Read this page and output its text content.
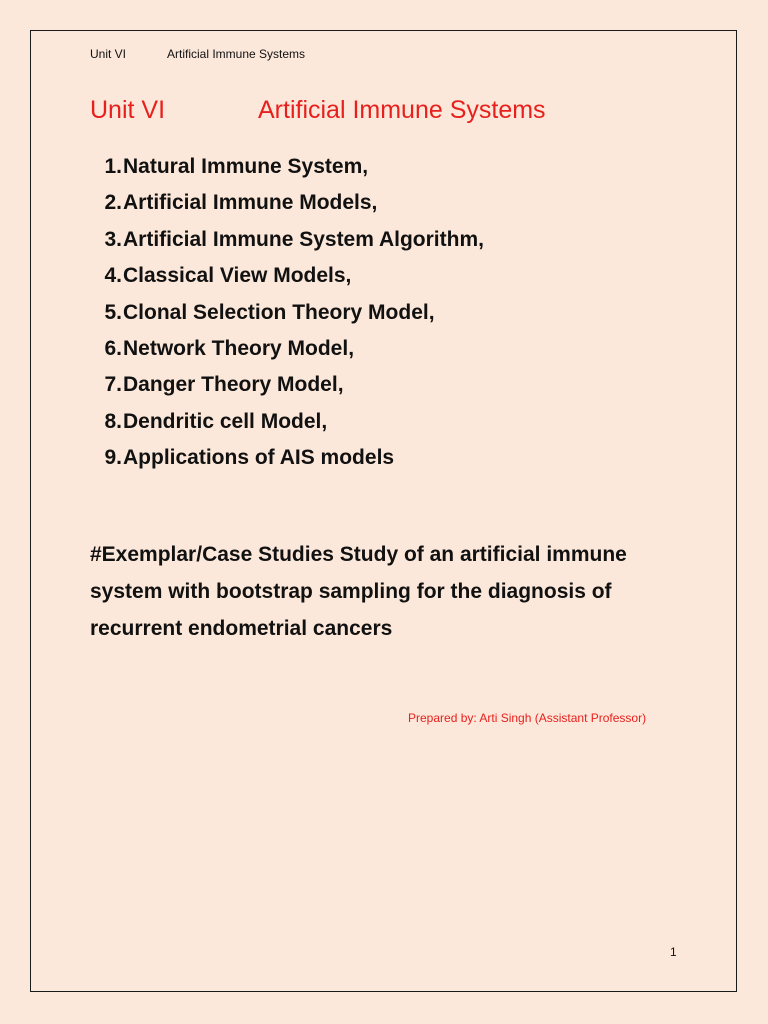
Unit VI	Artificial Immune Systems
Unit VI	Artificial Immune Systems
1.Natural Immune System,
2.Artificial Immune Models,
3.Artificial Immune System Algorithm,
4.Classical View Models,
5.Clonal Selection Theory Model,
6.Network Theory Model,
7.Danger Theory Model,
8.Dendritic cell Model,
9.Applications of AIS models
#Exemplar/Case Studies Study of an artificial immune system with bootstrap sampling for the diagnosis of recurrent endometrial cancers
Prepared by: Arti Singh (Assistant Professor)
1
